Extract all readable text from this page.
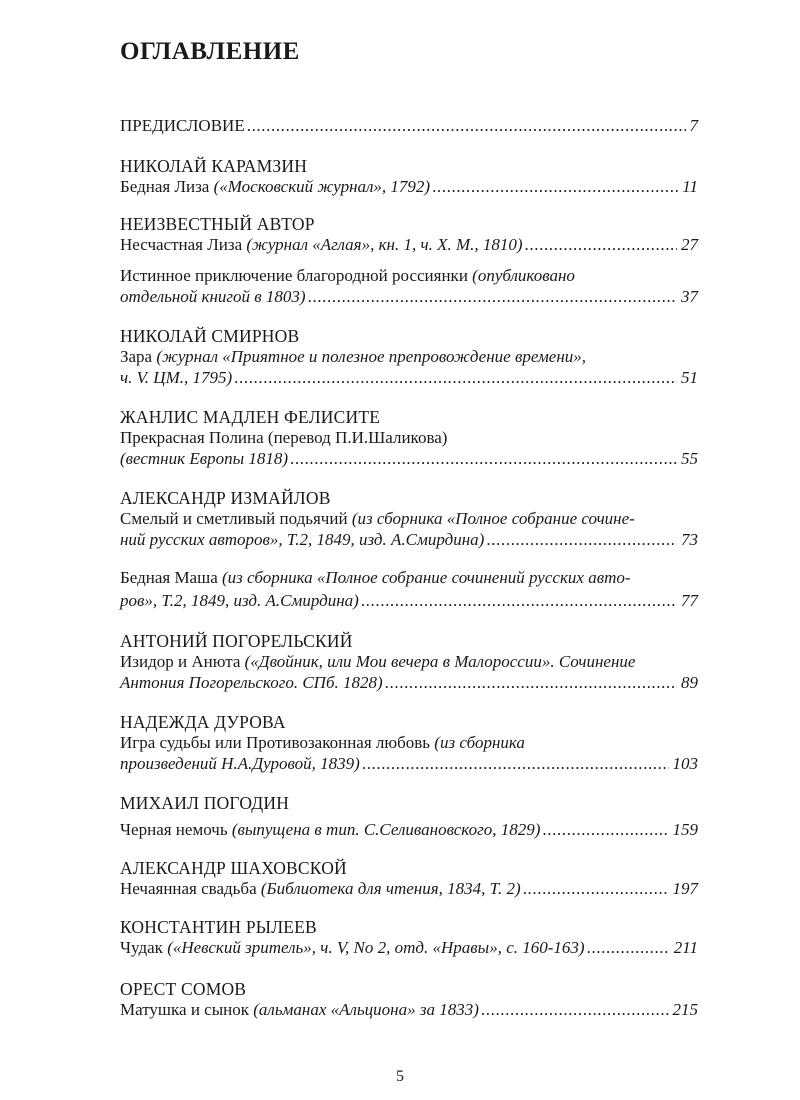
ОГЛАВЛЕНИЕ
ПРЕДИСЛОВИЕ .....	7
НИКОЛАЙ КАРАМЗИН
Бедная Лиза («Московский журнал», 1792) .....	11
НЕИЗВЕСТНЫЙ АВТОР
Несчастная Лиза (журнал «Аглая», кн. 1, ч. X. М., 1810) .....	27
Истинное приключение благородной россиянки (опубликовано
отдельной книгой в 1803) .....	37
НИКОЛАЙ СМИРНОВ
Зара (журнал «Приятное и полезное препровождение времени»,
ч. V. ЦМ., 1795) .....	51
ЖАНЛИС МАДЛЕН ФЕЛИСИТЕ
Прекрасная Полина (перевод П.И.Шаликова)
(вестник Европы 1818) .....	55
АЛЕКСАНДР ИЗМАЙЛОВ
Смелый и сметливый подьячий (из сборника «Полное собрание сочине-
ний русских авторов», Т.2, 1849, изд. А.Смирдина) .....	73
Бедная Маша (из сборника «Полное собрание сочинений русских авто-
ров», Т.2, 1849, изд. А.Смирдина) .....	77
АНТОНИЙ ПОГОРЕЛЬСКИЙ
Изидор и Анюта («Двойник, или Мои вечера в Малороссии». Сочинение
Антония Погорельского. СПб. 1828) .....	89
НАДЕЖДА ДУРОВА
Игра судьбы или Противозаконная любовь (из сборника
произведений Н.А.Дуровой, 1839) .....	103
МИХАИЛ ПОГОДИН
Черная немочь (выпущена в тип. С.Селивановского, 1829) .....	159
АЛЕКСАНДР ШАХОВСКОЙ
Нечаянная свадьба (Библиотека для чтения, 1834, Т. 2) .....	197
КОНСТАНТИН РЫЛЕЕВ
Чудак («Невский зритель», ч. V, No 2, отд. «Нравы», с. 160-163) .....	211
ОРЕСТ СОМОВ
Матушка и сынок (альманах «Альциона» за 1833) .....	215
5
